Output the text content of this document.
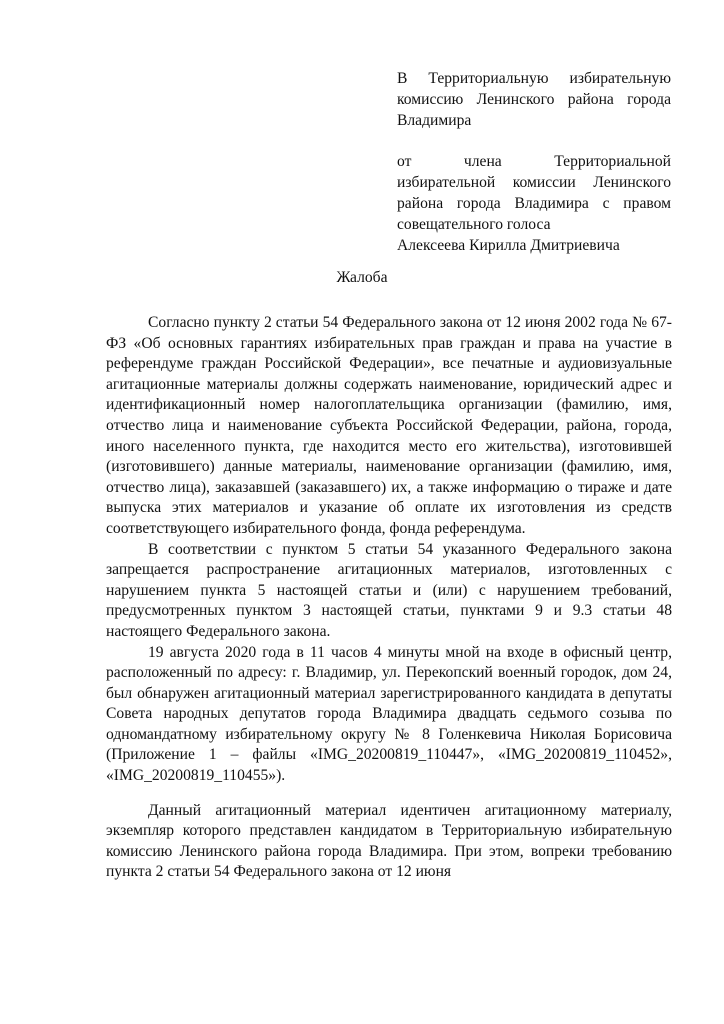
В Территориальную избирательную комиссию Ленинского района города Владимира
от члена Территориальной избирательной комиссии Ленинского района города Владимира с правом совещательного голоса
Алексеева Кирилла Дмитриевича
Жалоба

Согласно пункту 2 статьи 54 Федерального закона от 12 июня 2002 года № 67-ФЗ «Об основных гарантиях избирательных прав граждан и права на участие в референдуме граждан Российской Федерации», все печатные и аудиовизуальные агитационные материалы должны содержать наименование, юридический адрес и идентификационный номер налогоплательщика организации (фамилию, имя, отчество лица и наименование субъекта Российской Федерации, района, города, иного населенного пункта, где находится место его жительства), изготовившей (изготовившего) данные материалы, наименование организации (фамилию, имя, отчество лица), заказавшей (заказавшего) их, а также информацию о тираже и дате выпуска этих материалов и указание об оплате их изготовления из средств соответствующего избирательного фонда, фонда референдума.

В соответствии с пунктом 5 статьи 54 указанного Федерального закона запрещается распространение агитационных материалов, изготовленных с нарушением пункта 5 настоящей статьи и (или) с нарушением требований, предусмотренных пунктом 3 настоящей статьи, пунктами 9 и 9.3 статьи 48 настоящего Федерального закона.

19 августа 2020 года в 11 часов 4 минуты мной на входе в офисный центр, расположенный по адресу: г. Владимир, ул. Перекопский военный городок, дом 24, был обнаружен агитационный материал зарегистрированного кандидата в депутаты Совета народных депутатов города Владимира двадцать седьмого созыва по одномандатному избирательному округу № 8 Голенкевича Николая Борисовича (Приложение 1 – файлы «IMG_20200819_110447», «IMG_20200819_110452», «IMG_20200819_110455»).

Данный агитационный материал идентичен агитационному материалу, экземпляр которого представлен кандидатом в Территориальную избирательную комиссию Ленинского района города Владимира. При этом, вопреки требованию пункта 2 статьи 54 Федерального закона от 12 июня
